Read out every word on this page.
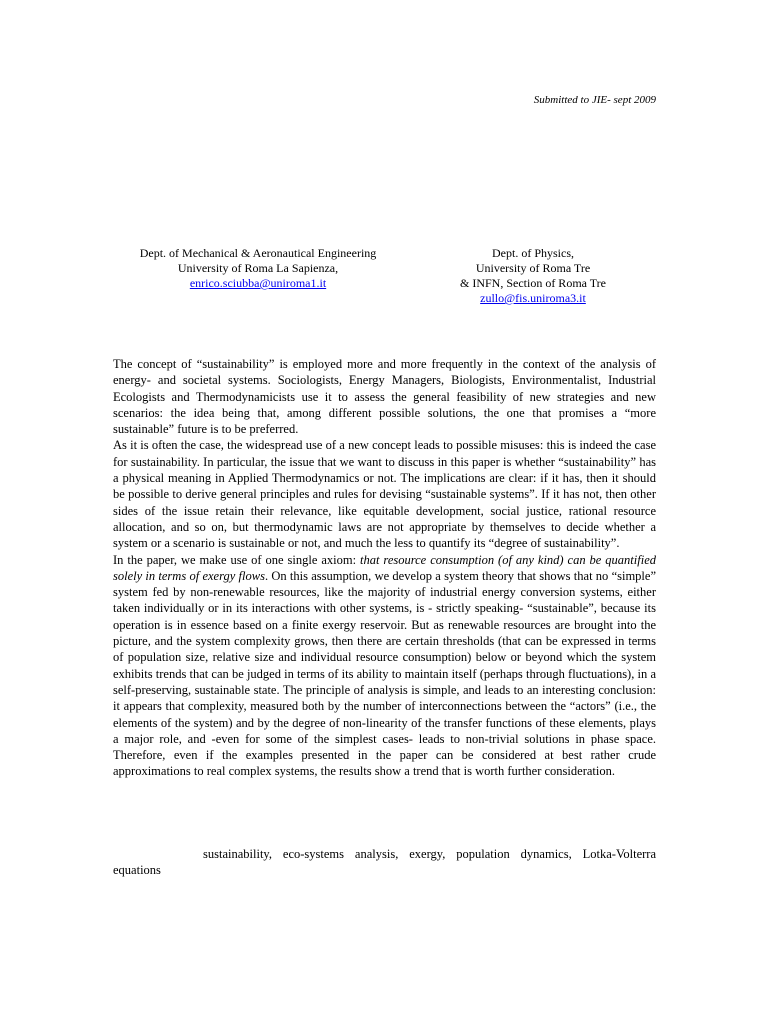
Submitted to JIE- sept 2009
Dept. of Mechanical & Aeronautical Engineering
University of Roma La Sapienza,
enrico.sciubba@uniroma1.it
Dept. of Physics,
University of Roma Tre
& INFN, Section of Roma Tre
zullo@fis.uniroma3.it

The concept of “sustainability” is employed more and more frequently in the context of the analysis of energy- and societal systems. Sociologists, Energy Managers, Biologists, Environmentalist, Industrial Ecologists and Thermodynamicists use it to assess the general feasibility of new strategies and new scenarios: the idea being that, among different possible solutions, the one that promises a “more sustainable” future is to be preferred.

As it is often the case, the widespread use of a new concept leads to possible misuses: this is indeed the case for sustainability. In particular, the issue that we want to discuss in this paper is whether “sustainability” has a physical meaning in Applied Thermodynamics or not. The implications are clear: if it has, then it should be possible to derive general principles and rules for devising “sustainable systems”. If it has not, then other sides of the issue retain their relevance, like equitable development, social justice, rational resource allocation, and so on, but thermodynamic laws are not appropriate by themselves to decide whether a system or a scenario is sustainable or not, and much the less to quantify its “degree of sustainability”.

In the paper, we make use of one single axiom: that resource consumption (of any kind) can be quantified solely in terms of exergy flows. On this assumption, we develop a system theory that shows that no “simple” system fed by non-renewable resources, like the majority of industrial energy conversion systems, either taken individually or in its interactions with other systems, is - strictly speaking- “sustainable”, because its operation is in essence based on a finite exergy reservoir. But as renewable resources are brought into the picture, and the system complexity grows, then there are certain thresholds (that can be expressed in terms of population size, relative size and individual resource consumption) below or beyond which the system exhibits trends that can be judged in terms of its ability to maintain itself (perhaps through fluctuations), in a self-preserving, sustainable state. The principle of analysis is simple, and leads to an interesting conclusion: it appears that complexity, measured both by the number of interconnections between the “actors” (i.e., the elements of the system) and by the degree of non-linearity of the transfer functions of these elements, plays a major role, and -even for some of the simplest cases- leads to non-trivial solutions in phase space. Therefore, even if the examples presented in the paper can be considered at best rather crude approximations to real complex systems, the results show a trend that is worth further consideration.

sustainability, eco-systems analysis, exergy, population dynamics, Lotka-Volterra equations
